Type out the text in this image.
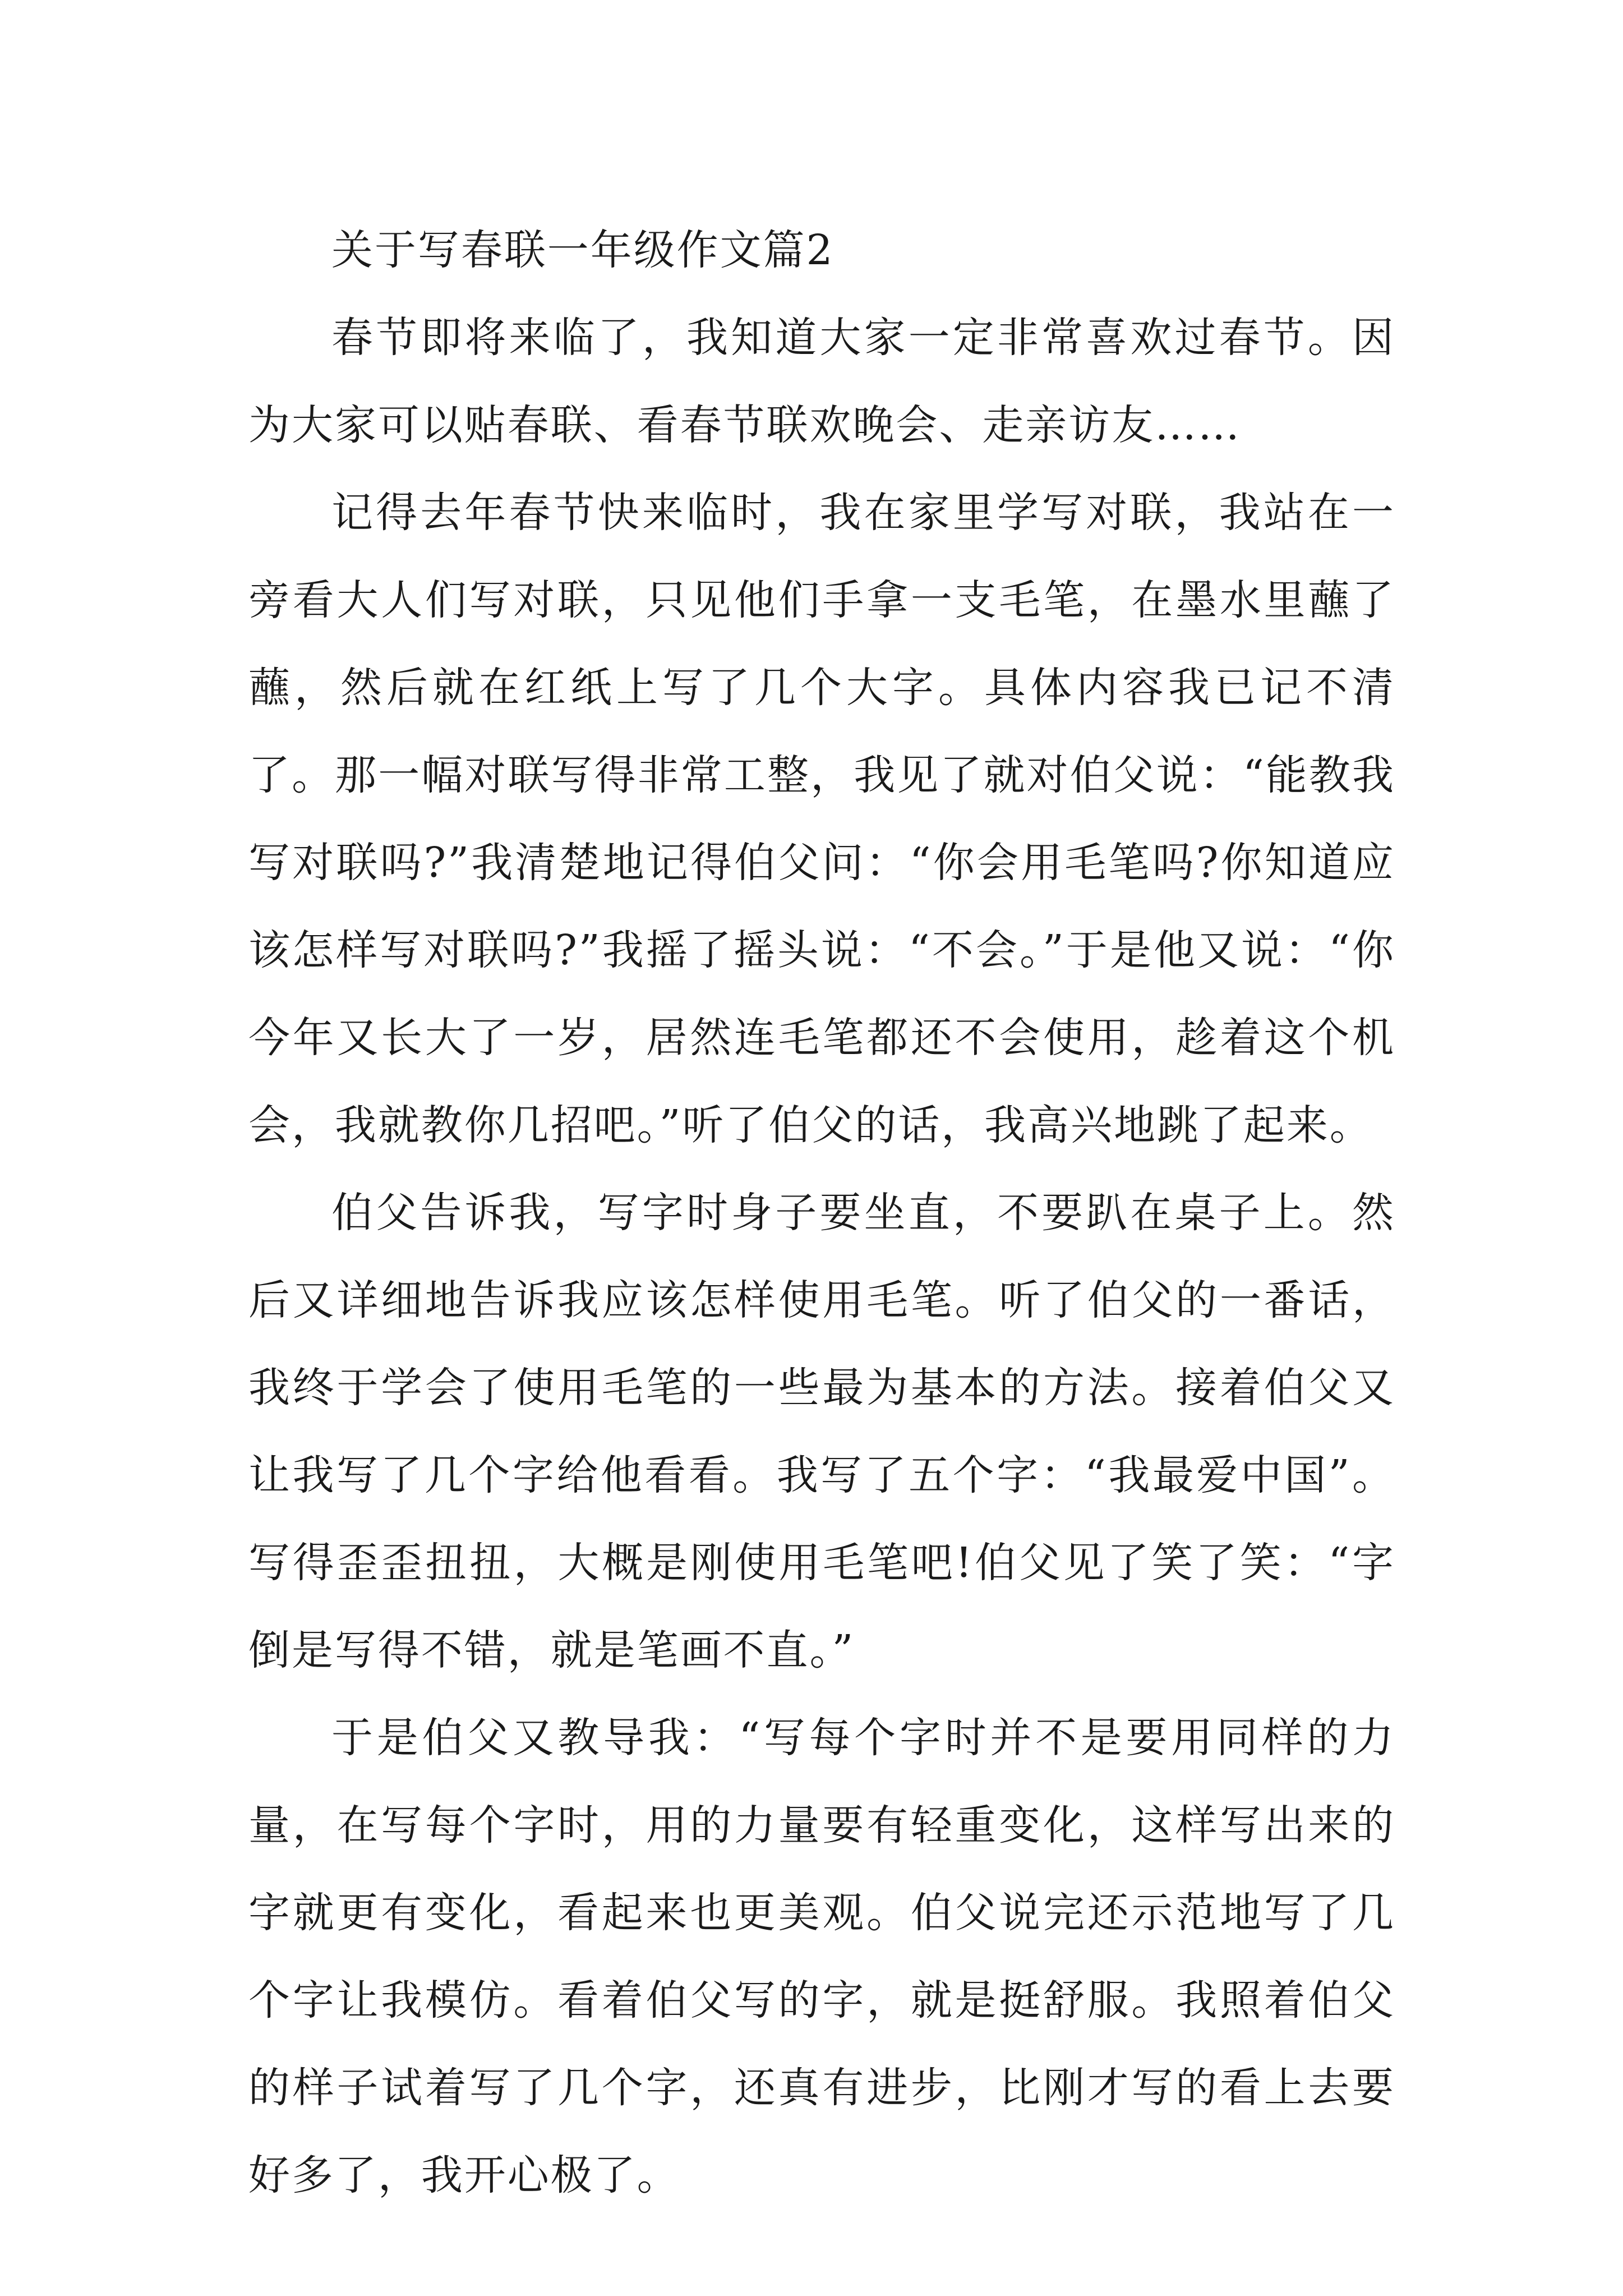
关于写春联一年级作文篇2

春节即将来临了，我知道大家一定非常喜欢过春节。因为大家可以贴春联、看春节联欢晚会、走亲访友……

记得去年春节快来临时，我在家里学写对联，我站在一旁看大人们写对联，只见他们手拿一支毛笔，在墨水里蘸了蘸，然后就在红纸上写了几个大字。具体内容我已记不清了。那一幅对联写得非常工整，我见了就对伯父说：“能教我写对联吗?”我清楚地记得伯父问：“你会用毛笔吗?你知道应该怎样写对联吗?”我摇了摇头说：“不会。”于是他又说：“你今年又长大了一岁，居然连毛笔都还不会使用，趁着这个机会，我就教你几招吧。”听了伯父的话，我高兴地跳了起来。

伯父告诉我，写字时身子要坐直，不要趴在桌子上。然后又详细地告诉我应该怎样使用毛笔。听了伯父的一番话，我终于学会了使用毛笔的一些最为基本的方法。接着伯父又让我写了几个字给他看看。我写了五个字：“我最爱中国”。写得歪歪扭扭，大概是刚使用毛笔吧!伯父见了笑了笑：“字倒是写得不错，就是笔画不直。”

于是伯父又教导我：“写每个字时并不是要用同样的力量，在写每个字时，用的力量要有轻重变化，这样写出来的字就更有变化，看起来也更美观。伯父说完还示范地写了几个字让我模仿。看着伯父写的字，就是挺舒服。我照着伯父的样子试着写了几个字，还真有进步，比刚才写的看上去要好多了，我开心极了。
